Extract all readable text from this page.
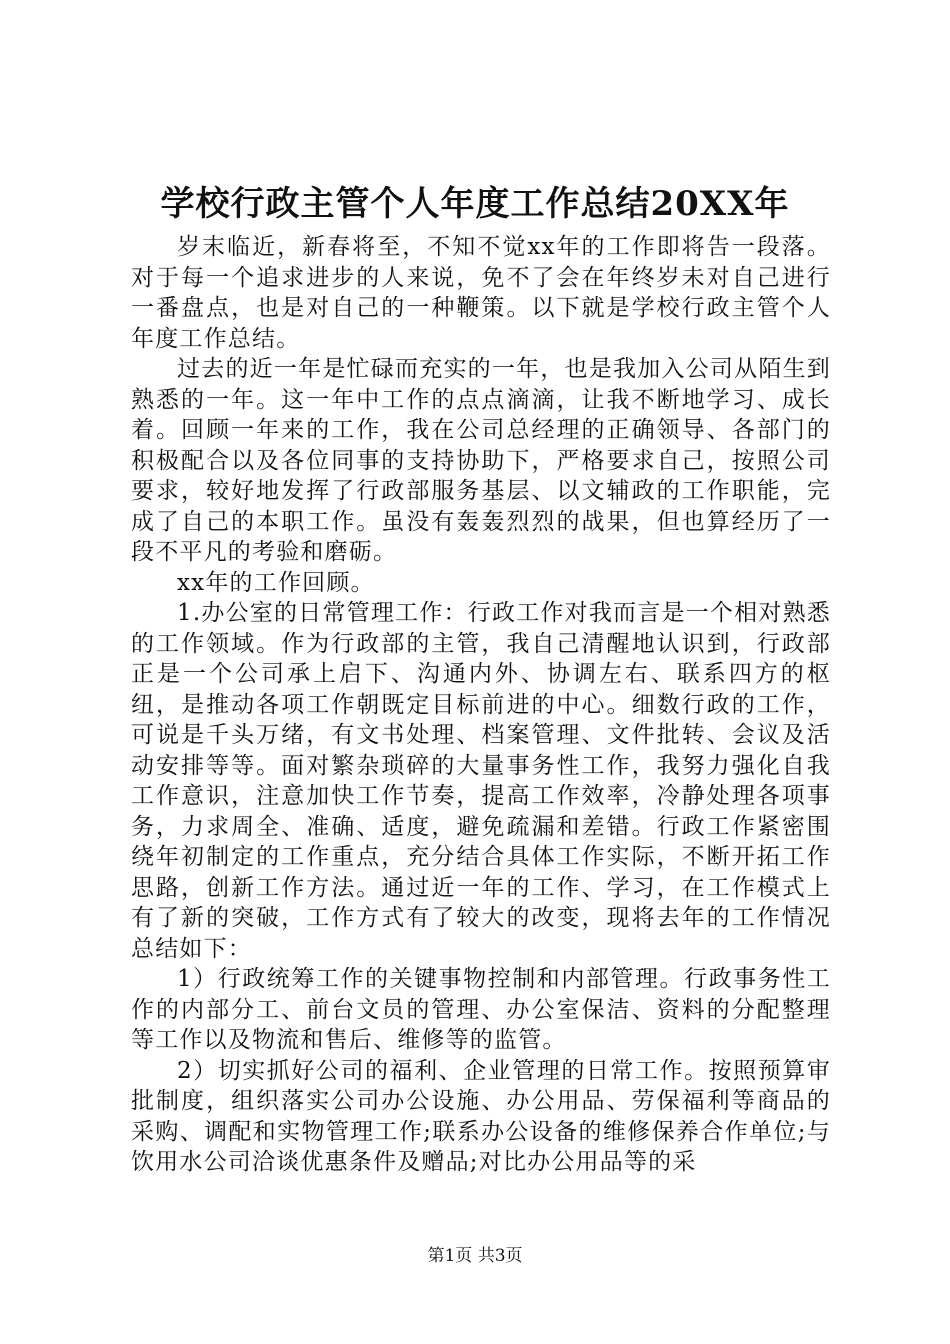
学校行政主管个人年度工作总结20XX年

岁末临近，新春将至，不知不觉xx年的工作即将告一段落。对于每一个追求进步的人来说，免不了会在年终岁未对自己进行一番盘点，也是对自己的一种鞭策。以下就是学校行政主管个人年度工作总结。

过去的近一年是忙碌而充实的一年，也是我加入公司从陌生到熟悉的一年。这一年中工作的点点滴滴，让我不断地学习、成长着。回顾一年来的工作，我在公司总经理的正确领导、各部门的积极配合以及各位同事的支持协助下，严格要求自己，按照公司要求，较好地发挥了行政部服务基层、以文辅政的工作职能，完成了自己的本职工作。虽没有轰轰烈烈的战果，但也算经历了一段不平凡的考验和磨砺。

xx年的工作回顾。

1.办公室的日常管理工作：行政工作对我而言是一个相对熟悉的工作领域。作为行政部的主管，我自己清醒地认识到，行政部正是一个公司承上启下、沟通内外、协调左右、联系四方的枢纽，是推动各项工作朝既定目标前进的中心。细数行政的工作，可说是千头万绪，有文书处理、档案管理、文件批转、会议及活动安排等等。面对繁杂琐碎的大量事务性工作，我努力强化自我工作意识，注意加快工作节奏，提高工作效率，冷静处理各项事务，力求周全、准确、适度，避免疏漏和差错。行政工作紧密围绕年初制定的工作重点，充分结合具体工作实际，不断开拓工作思路，创新工作方法。通过近一年的工作、学习，在工作模式上有了新的突破，工作方式有了较大的改变，现将去年的工作情况总结如下：

1）行政统筹工作的关键事物控制和内部管理。行政事务性工作的内部分工、前台文员的管理、办公室保洁、资料的分配整理等工作以及物流和售后、维修等的监管。

2）切实抓好公司的福利、企业管理的日常工作。按照预算审批制度，组织落实公司办公设施、办公用品、劳保福利等商品的采购、调配和实物管理工作;联系办公设备的维修保养合作单位;与饮用水公司洽谈优惠条件及赠品;对比办公用品等的采

第1页 共3页
